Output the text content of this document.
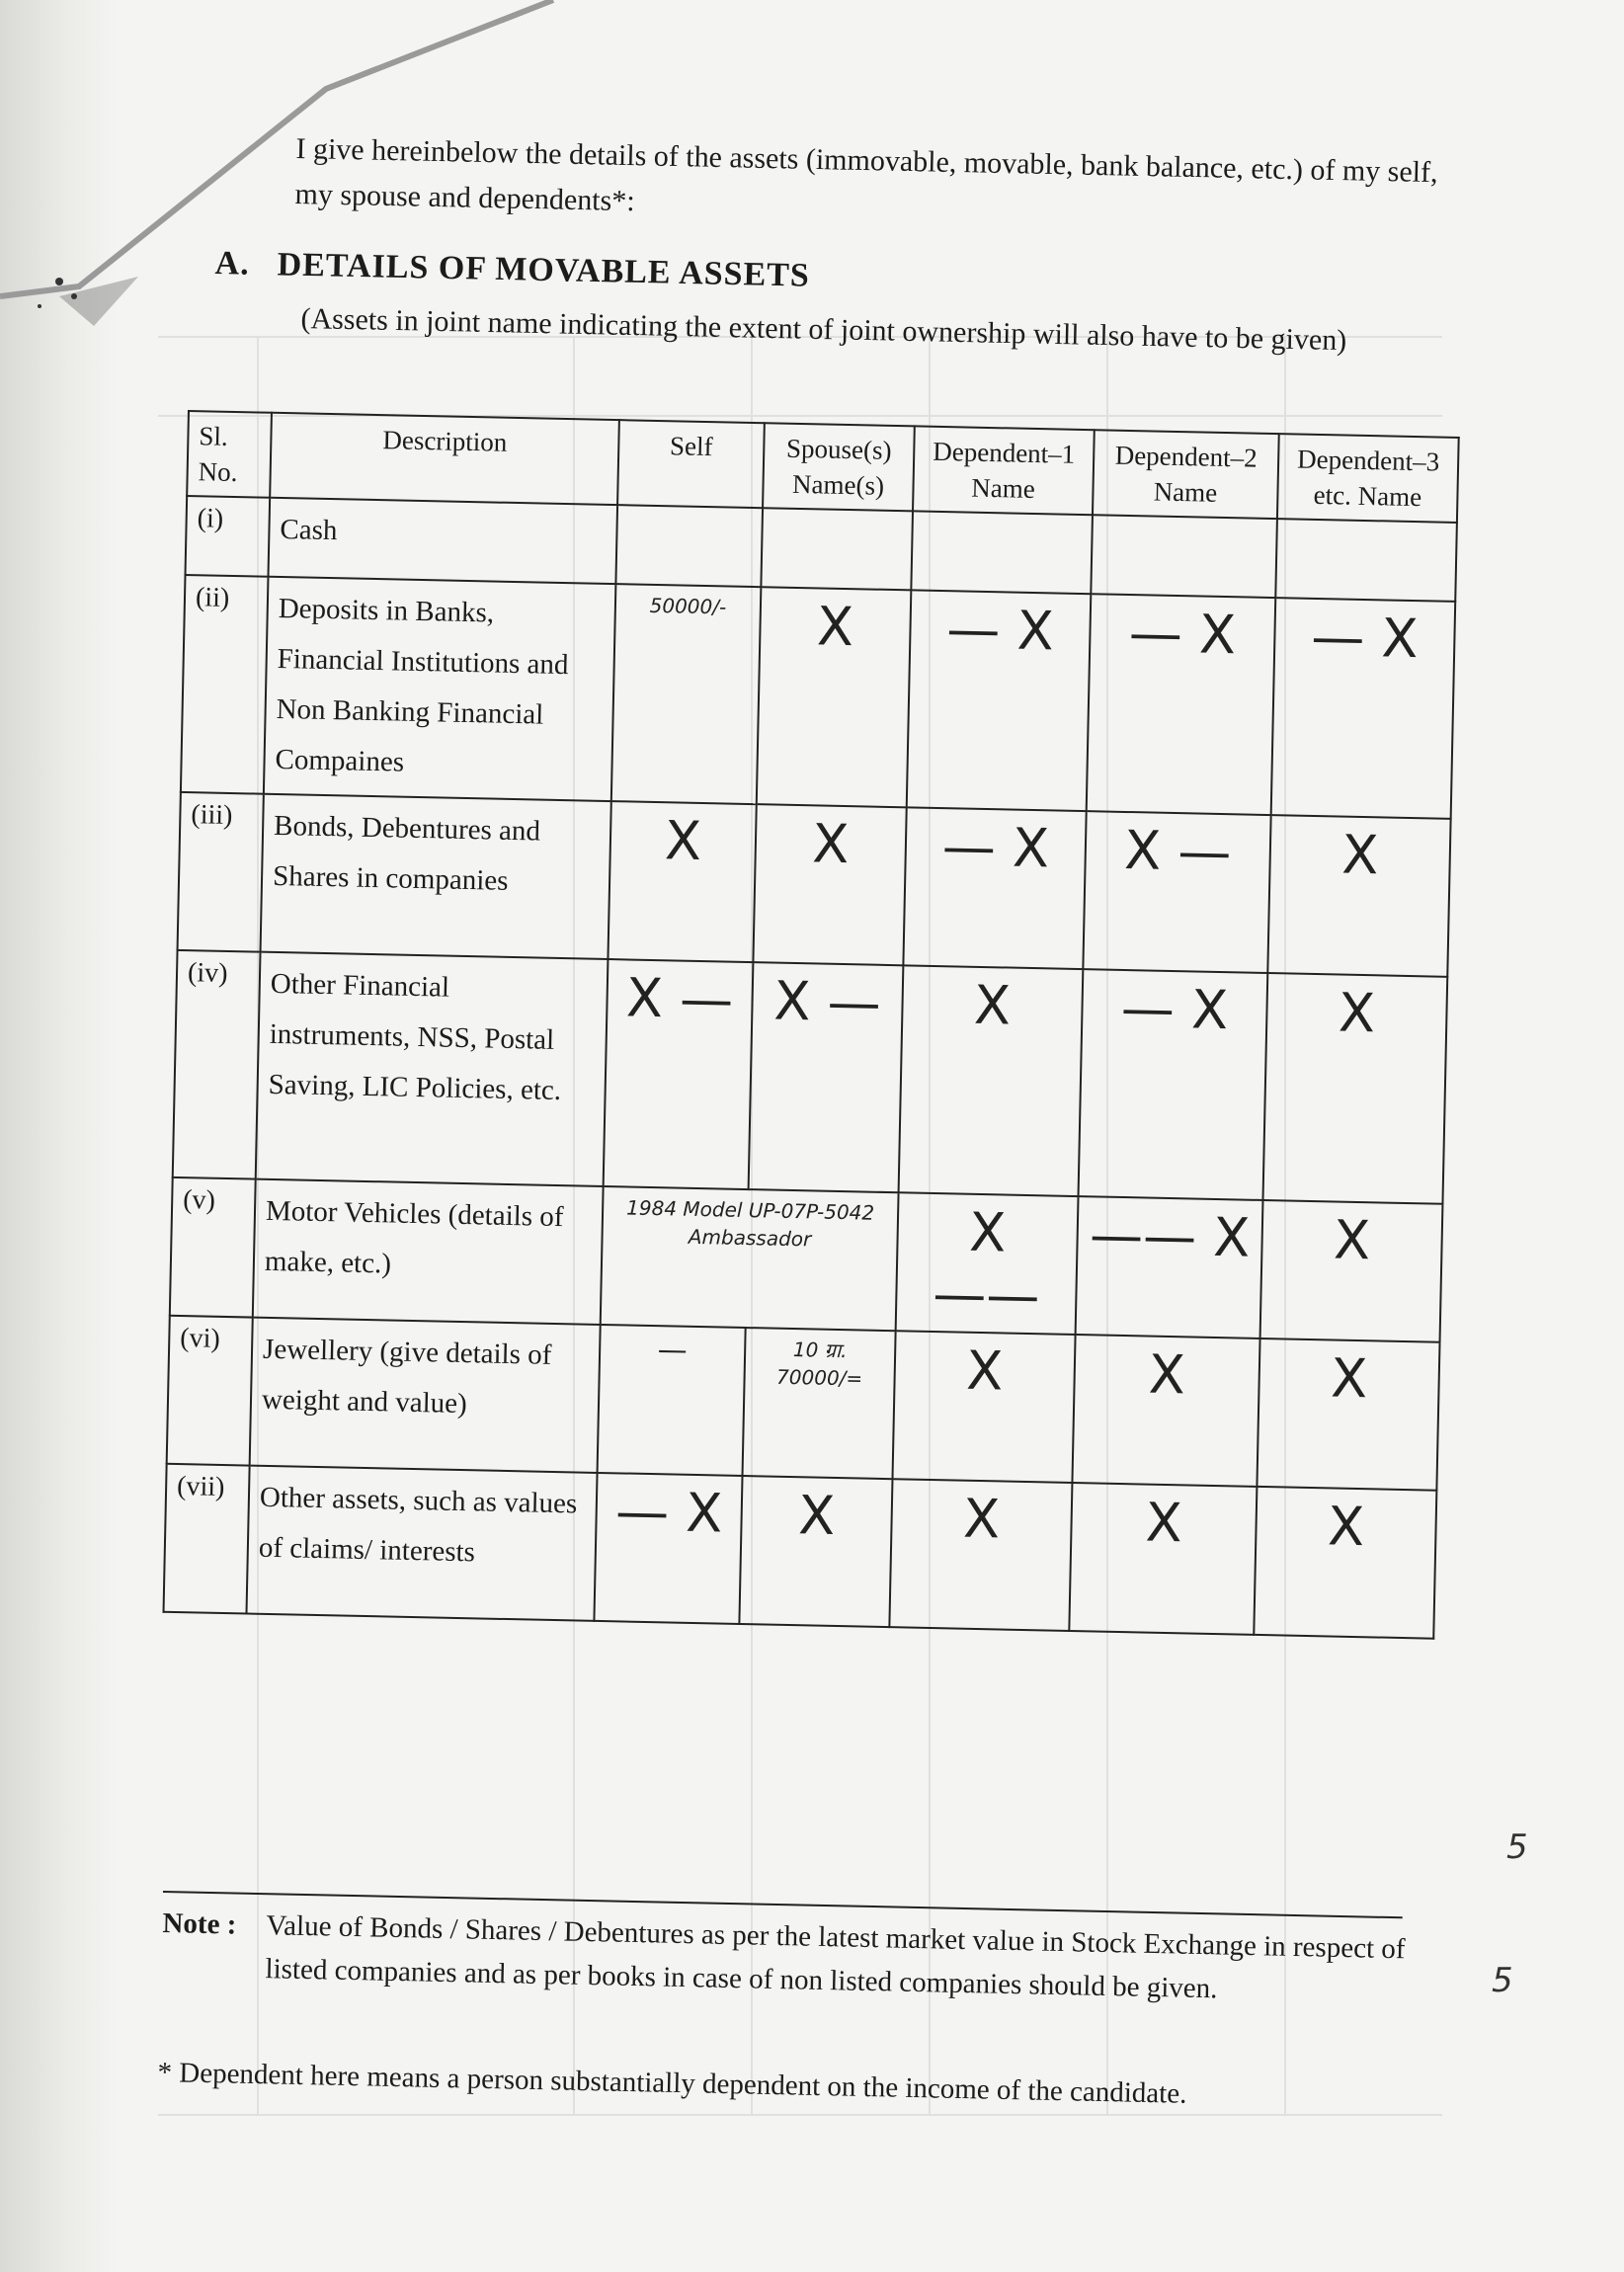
I give hereinbelow the details of the assets (immovable, movable, bank balance, etc.) of my self, my spouse and dependents*:
A. DETAILS OF MOVABLE ASSETS
(Assets in joint name indicating the extent of joint ownership will also have to be given)
Sl. No.	Description	Self	Spouse(s) Name(s)	Dependent–1 Name	Dependent–2 Name	Dependent–3 etc. Name
(i)	Cash					
(ii)	Deposits in Banks, Financial Institutions and Non Banking Financial Compaines	50000/-	X	— X	— X	— X
(iii)	Bonds, Debentures and Shares in companies	X	X	— X	X —	X
(iv)	Other Financial instruments, NSS, Postal Saving, LIC Policies, etc.	X —	X —	X	— X	X
(v)	Motor Vehicles (details of make, etc.)	1984 Model UP-07P-5042 Ambassador		X ——	—— X	X
(vi)	Jewellery (give details of weight and value)	—	10 ग्रा. 70000/=	X	X	X
(vii)	Other assets, such as values of claims/ interests	— X	X	X	X	X
Note : Value of Bonds / Shares / Debentures as per the latest market value in Stock Exchange in respect of listed companies and as per books in case of non listed companies should be given.
* Dependent here means a person substantially dependent on the income of the candidate.
5
5
